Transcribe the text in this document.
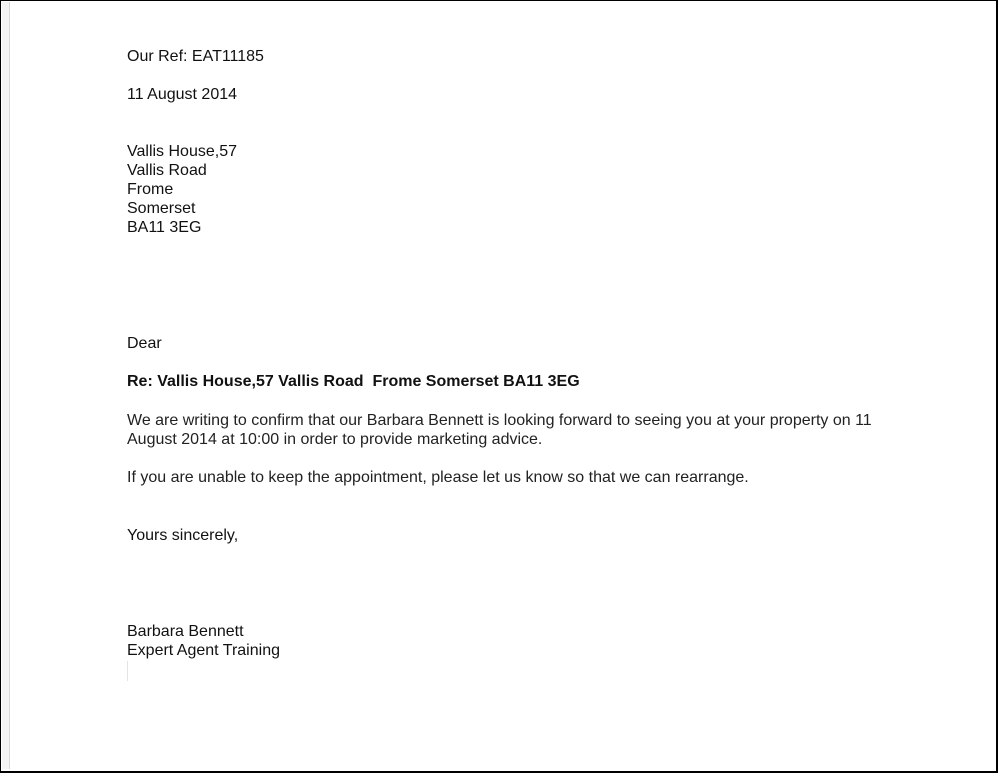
Our Ref: EAT11185
11 August 2014
Vallis House,57
Vallis Road
Frome
Somerset
BA11 3EG
Dear
Re: Vallis House,57 Vallis Road  Frome Somerset BA11 3EG
We are writing to confirm that our Barbara Bennett is looking forward to seeing you at your property on 11 August 2014 at 10:00 in order to provide marketing advice.
If you are unable to keep the appointment, please let us know so that we can rearrange.
Yours sincerely,
Barbara Bennett
Expert Agent Training
